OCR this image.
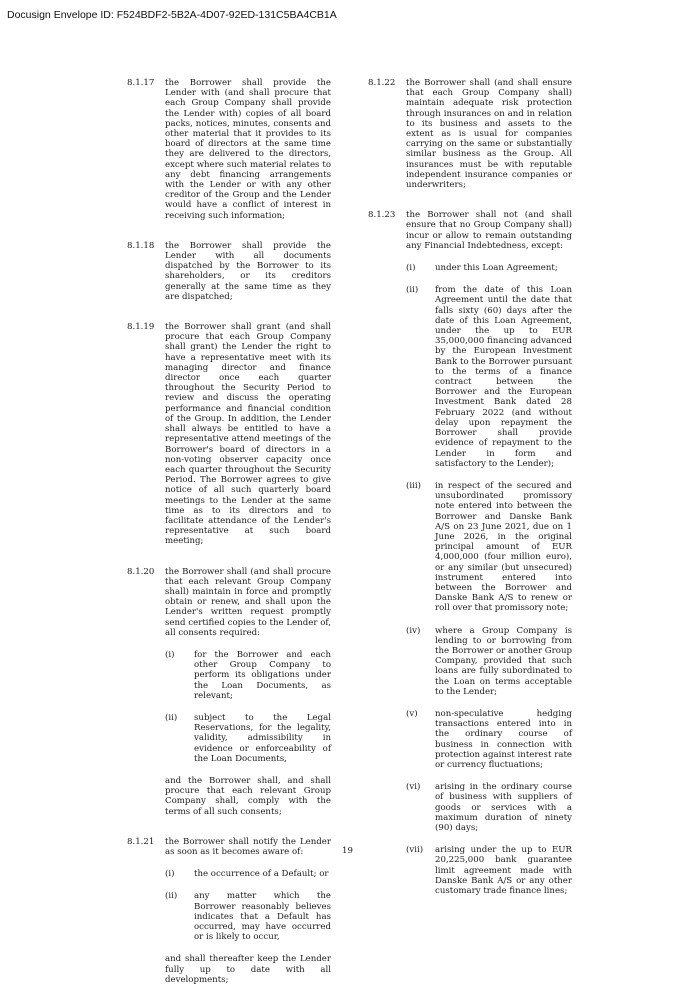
Docusign Envelope ID: F524BDF2-5B2A-4D07-92ED-131C5BA4CB1A
8.1.17 the Borrower shall provide the Lender with (and shall procure that each Group Company shall provide the Lender with) copies of all board packs, notices, minutes, consents and other material that it provides to its board of directors at the same time they are delivered to the directors, except where such material relates to any debt financing arrangements with the Lender or with any other creditor of the Group and the Lender would have a conflict of interest in receiving such information;
8.1.18 the Borrower shall provide the Lender with all documents dispatched by the Borrower to its shareholders, or its creditors generally at the same time as they are dispatched;
8.1.19 the Borrower shall grant (and shall procure that each Group Company shall grant) the Lender the right to have a representative meet with its managing director and finance director once each quarter throughout the Security Period to review and discuss the operating performance and financial condition of the Group. In addition, the Lender shall always be entitled to have a representative attend meetings of the Borrower's board of directors in a non-voting observer capacity once each quarter throughout the Security Period. The Borrower agrees to give notice of all such quarterly board meetings to the Lender at the same time as to its directors and to facilitate attendance of the Lender's representative at such board meeting;
8.1.20 the Borrower shall (and shall procure that each relevant Group Company shall) maintain in force and promptly obtain or renew, and shall upon the Lender's written request promptly send certified copies to the Lender of, all consents required:
(i) for the Borrower and each other Group Company to perform its obligations under the Loan Documents, as relevant;
(ii) subject to the Legal Reservations, for the legality, validity, admissibility in evidence or enforceability of the Loan Documents,
and the Borrower shall, and shall procure that each relevant Group Company shall, comply with the terms of all such consents;
8.1.21 the Borrower shall notify the Lender as soon as it becomes aware of:
(i) the occurrence of a Default; or
(ii) any matter which the Borrower reasonably believes indicates that a Default has occurred, may have occurred or is likely to occur,
and shall thereafter keep the Lender fully up to date with all developments;
8.1.22 the Borrower shall (and shall ensure that each Group Company shall) maintain adequate risk protection through insurances on and in relation to its business and assets to the extent as is usual for companies carrying on the same or substantially similar business as the Group. All insurances must be with reputable independent insurance companies or underwriters;
8.1.23 the Borrower shall not (and shall ensure that no Group Company shall) incur or allow to remain outstanding any Financial Indebtedness, except:
(i) under this Loan Agreement;
(ii) from the date of this Loan Agreement until the date that falls sixty (60) days after the date of this Loan Agreement, under the up to EUR 35,000,000 financing advanced by the European Investment Bank to the Borrower pursuant to the terms of a finance contract between the Borrower and the European Investment Bank dated 28 February 2022 (and without delay upon repayment the Borrower shall provide evidence of repayment to the Lender in form and satisfactory to the Lender);
(iii) in respect of the secured and unsubordinated promissory note entered into between the Borrower and Danske Bank A/S on 23 June 2021, due on 1 June 2026, in the original principal amount of EUR 4,000,000 (four million euro), or any similar (but unsecured) instrument entered into between the Borrower and Danske Bank A/S to renew or roll over that promissory note;
(iv) where a Group Company is lending to or borrowing from the Borrower or another Group Company, provided that such loans are fully subordinated to the Loan on terms acceptable to the Lender;
(v) non-speculative hedging transactions entered into in the ordinary course of business in connection with protection against interest rate or currency fluctuations;
(vi) arising in the ordinary course of business with suppliers of goods or services with a maximum duration of ninety (90) days;
(vii) arising under the up to EUR 20,225,000 bank guarantee limit agreement made with Danske Bank A/S or any other customary trade finance lines;
19
